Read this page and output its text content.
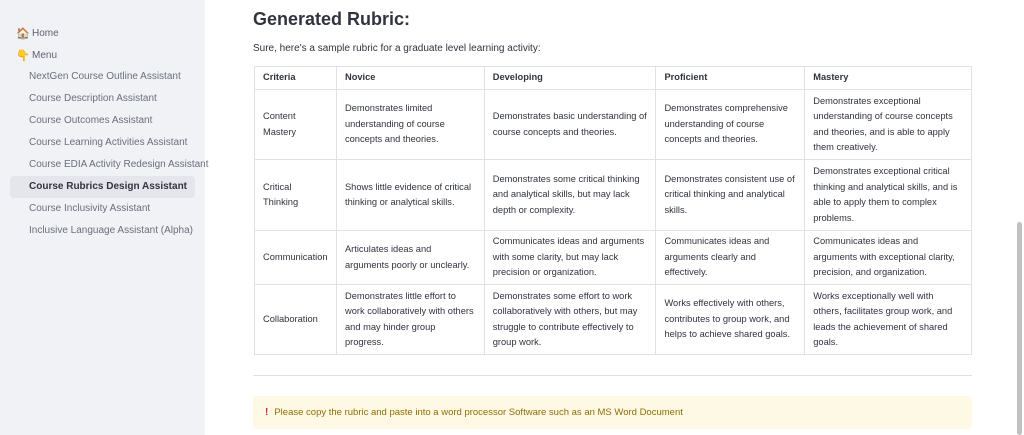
🏠 Home
👇 Menu
NextGen Course Outline Assistant
Course Description Assistant
Course Outcomes Assistant
Course Learning Activities Assistant
Course EDIA Activity Redesign Assistant
Course Rubrics Design Assistant
Course Inclusivity Assistant
Inclusive Language Assistant (Alpha)
Generated Rubric:
Sure, here's a sample rubric for a graduate level learning activity:
Criteria	Novice	Developing	Proficient	Mastery
Content Mastery	Demonstrates limited understanding of course concepts and theories.	Demonstrates basic understanding of course concepts and theories.	Demonstrates comprehensive understanding of course concepts and theories.	Demonstrates exceptional understanding of course concepts and theories, and is able to apply them creatively.
Critical Thinking	Shows little evidence of critical thinking or analytical skills.	Demonstrates some critical thinking and analytical skills, but may lack depth or complexity.	Demonstrates consistent use of critical thinking and analytical skills.	Demonstrates exceptional critical thinking and analytical skills, and is able to apply them to complex problems.
Communication	Articulates ideas and arguments poorly or unclearly.	Communicates ideas and arguments with some clarity, but may lack precision or organization.	Communicates ideas and arguments clearly and effectively.	Communicates ideas and arguments with exceptional clarity, precision, and organization.
Collaboration	Demonstrates little effort to work collaboratively with others and may hinder group progress.	Demonstrates some effort to work collaboratively with others, but may struggle to contribute effectively to group work.	Works effectively with others, contributes to group work, and helps to achieve shared goals.	Works exceptionally well with others, facilitates group work, and leads the achievement of shared goals.
! Please copy the rubric and paste into a word processor Software such as an MS Word Document
